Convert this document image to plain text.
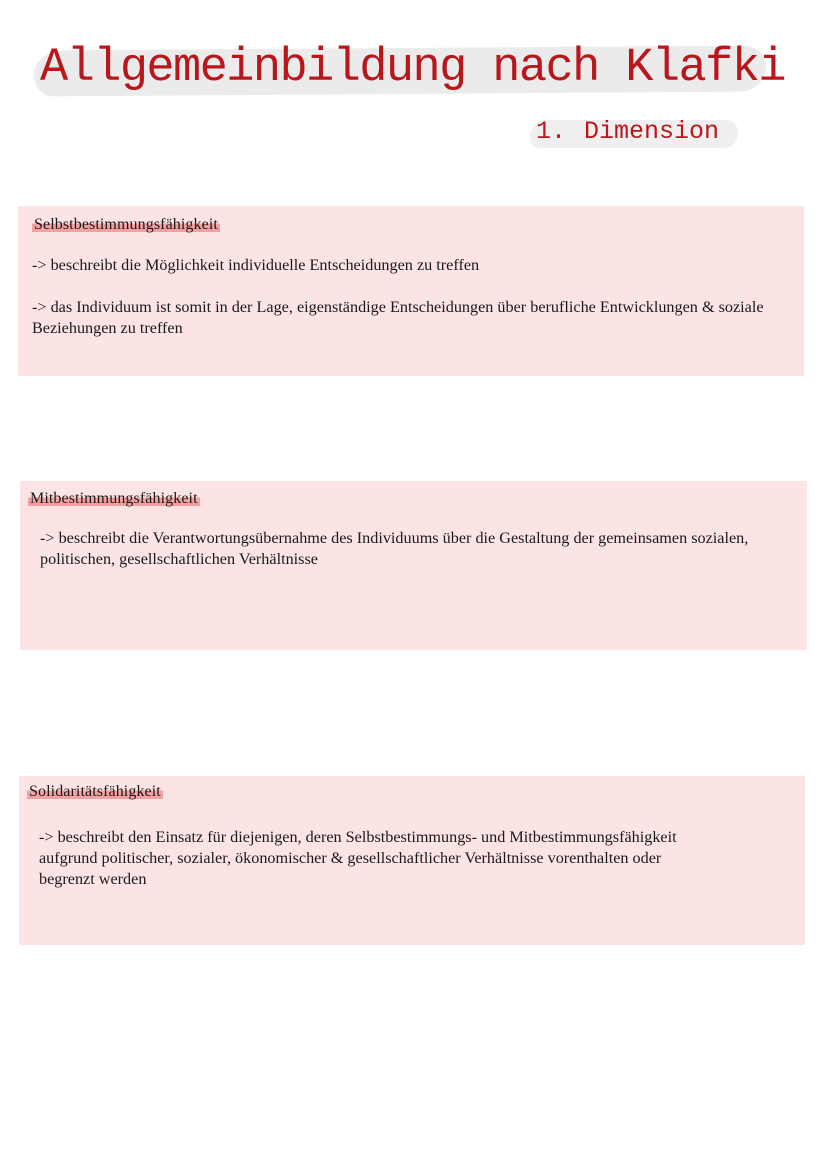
Allgemeinbildung nach Klafki
1. Dimension
Selbstbestimmungsfähigkeit

-> beschreibt die Möglichkeit individuelle Entscheidungen zu treffen

-> das Individuum ist somit in der Lage, eigenständige Entscheidungen über berufliche Entwicklungen & soziale Beziehungen zu treffen

Mitbestimmungsfähigkeit

-> beschreibt die Verantwortungsübernahme des Individuums über die Gestaltung der gemeinsamen sozialen, politischen, gesellschaftlichen Verhältnisse

Solidaritätsfähigkeit

-> beschreibt den Einsatz für diejenigen, deren Selbstbestimmungs- und Mitbestimmungsfähigkeit aufgrund politischer, sozialer, ökonomischer & gesellschaftlicher Verhältnisse vorenthalten oder begrenzt werden
